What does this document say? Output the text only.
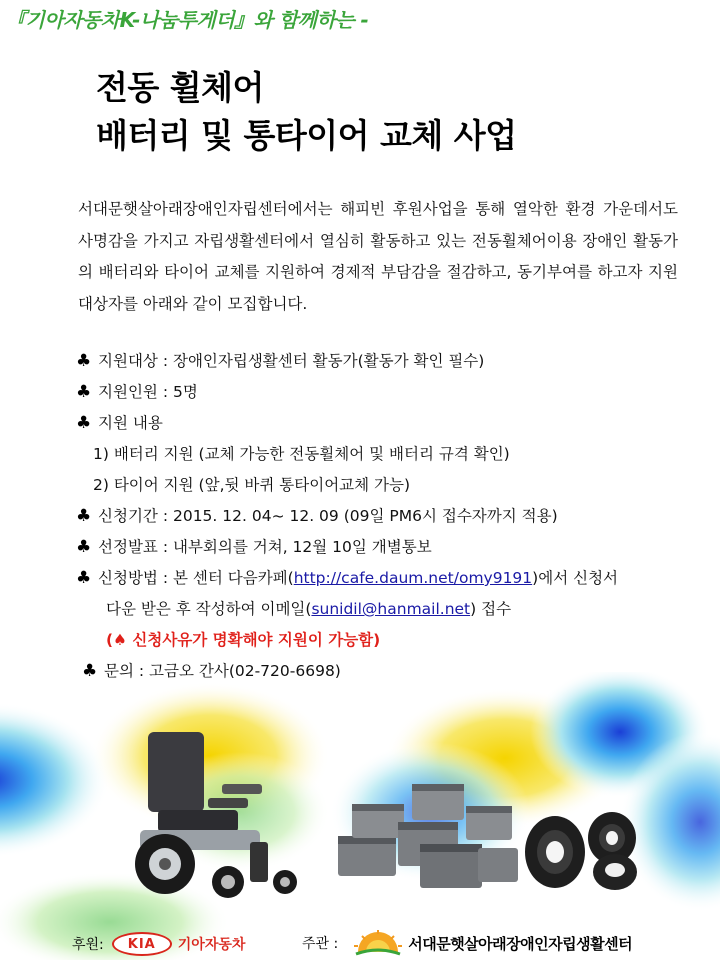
『기아자동차K-나눔투게더』와 함께하는 -
전동 휠체어
배터리 및 통타이어 교체 사업

서대문햇살아래장애인자립센터에서는 해피빈 후원사업을 통해 열악한 환경 가운데서도 사명감을 가지고 자립생활센터에서 열심히 활동하고 있는 전동휠체어이용 장애인 활동가의 배터리와 타이어 교체를 지원하여 경제적 부담감을 절감하고, 동기부여를 하고자 지원대상자를 아래와 같이 모집합니다.

♣ 지원대상 : 장애인자립생활센터 활동가(활동가 확인 필수)
♣ 지원인원 : 5명
♣ 지원 내용
1) 배터리 지원 (교체 가능한 전동휠체어 및 배터리 규격 확인)
2) 타이어 지원 (앞,뒷 바퀴 통타이어교체 가능)
♣ 신청기간 : 2015. 12. 04~ 12. 09 (09일 PM6시 접수자까지 적용)
♣ 선정발표 : 내부회의를 거쳐, 12월 10일 개별통보
♣ 신청방법 : 본 센터 다음카페(http://cafe.daum.net/omy9191)에서 신청서
다운 받은 후 작성하여 이메일(sunidil@hanmail.net) 접수
(♠ 신청사유가 명확해야 지원이 가능함)
♣ 문의 : 고금오 간사(02-720-6698)
후원:	KIA	기아자동차	주관 :	서대문햇살아래장애인자립생활센터
